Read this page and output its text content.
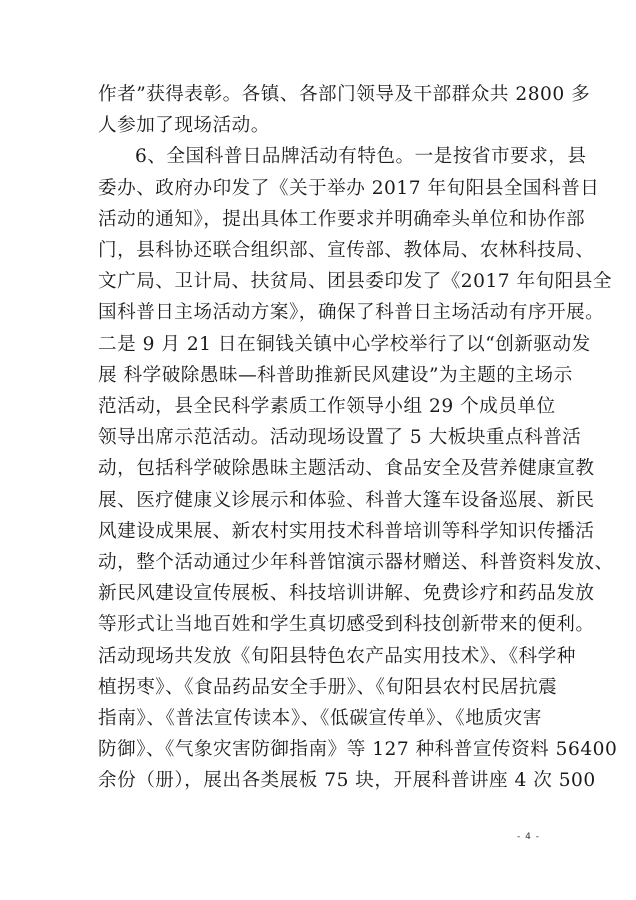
作者”获得表彰。各镇、各部门领导及干部群众共 2800 多
人参加了现场活动。
6、全国科普日品牌活动有特色。一是按省市要求，县
委办、政府办印发了《关于举办 2017 年旬阳县全国科普日
活动的通知》，提出具体工作要求并明确牵头单位和协作部
门，县科协还联合组织部、宣传部、教体局、农林科技局、
文广局、卫计局、扶贫局、团县委印发了《2017 年旬阳县全
国科普日主场活动方案》，确保了科普日主场活动有序开展。
二是 9 月 21 日在铜钱关镇中心学校举行了以“创新驱动发
展 科学破除愚昧—科普助推新民风建设”为主题的主场示
范活动，县全民科学素质工作领导小组 29 个成员单位
领导出席示范活动。活动现场设置了 5 大板块重点科普活
动，包括科学破除愚昧主题活动、食品安全及营养健康宣教
展、医疗健康义诊展示和体验、科普大篷车设备巡展、新民
风建设成果展、新农村实用技术科普培训等科学知识传播活
动，整个活动通过少年科普馆演示器材赠送、科普资料发放、
新民风建设宣传展板、科技培训讲解、免费诊疗和药品发放
等形式让当地百姓和学生真切感受到科技创新带来的便利。
活动现场共发放《旬阳县特色农产品实用技术》、《科学种
植拐枣》、《食品药品安全手册》、《旬阳县农村民居抗震
指南》、《普法宣传读本》、《低碳宣传单》、《地质灾害
防御》、《气象灾害防御指南》等 127 种科普宣传资料 56400
余份（册），展出各类展板 75 块，开展科普讲座 4 次 500
- 4 -
